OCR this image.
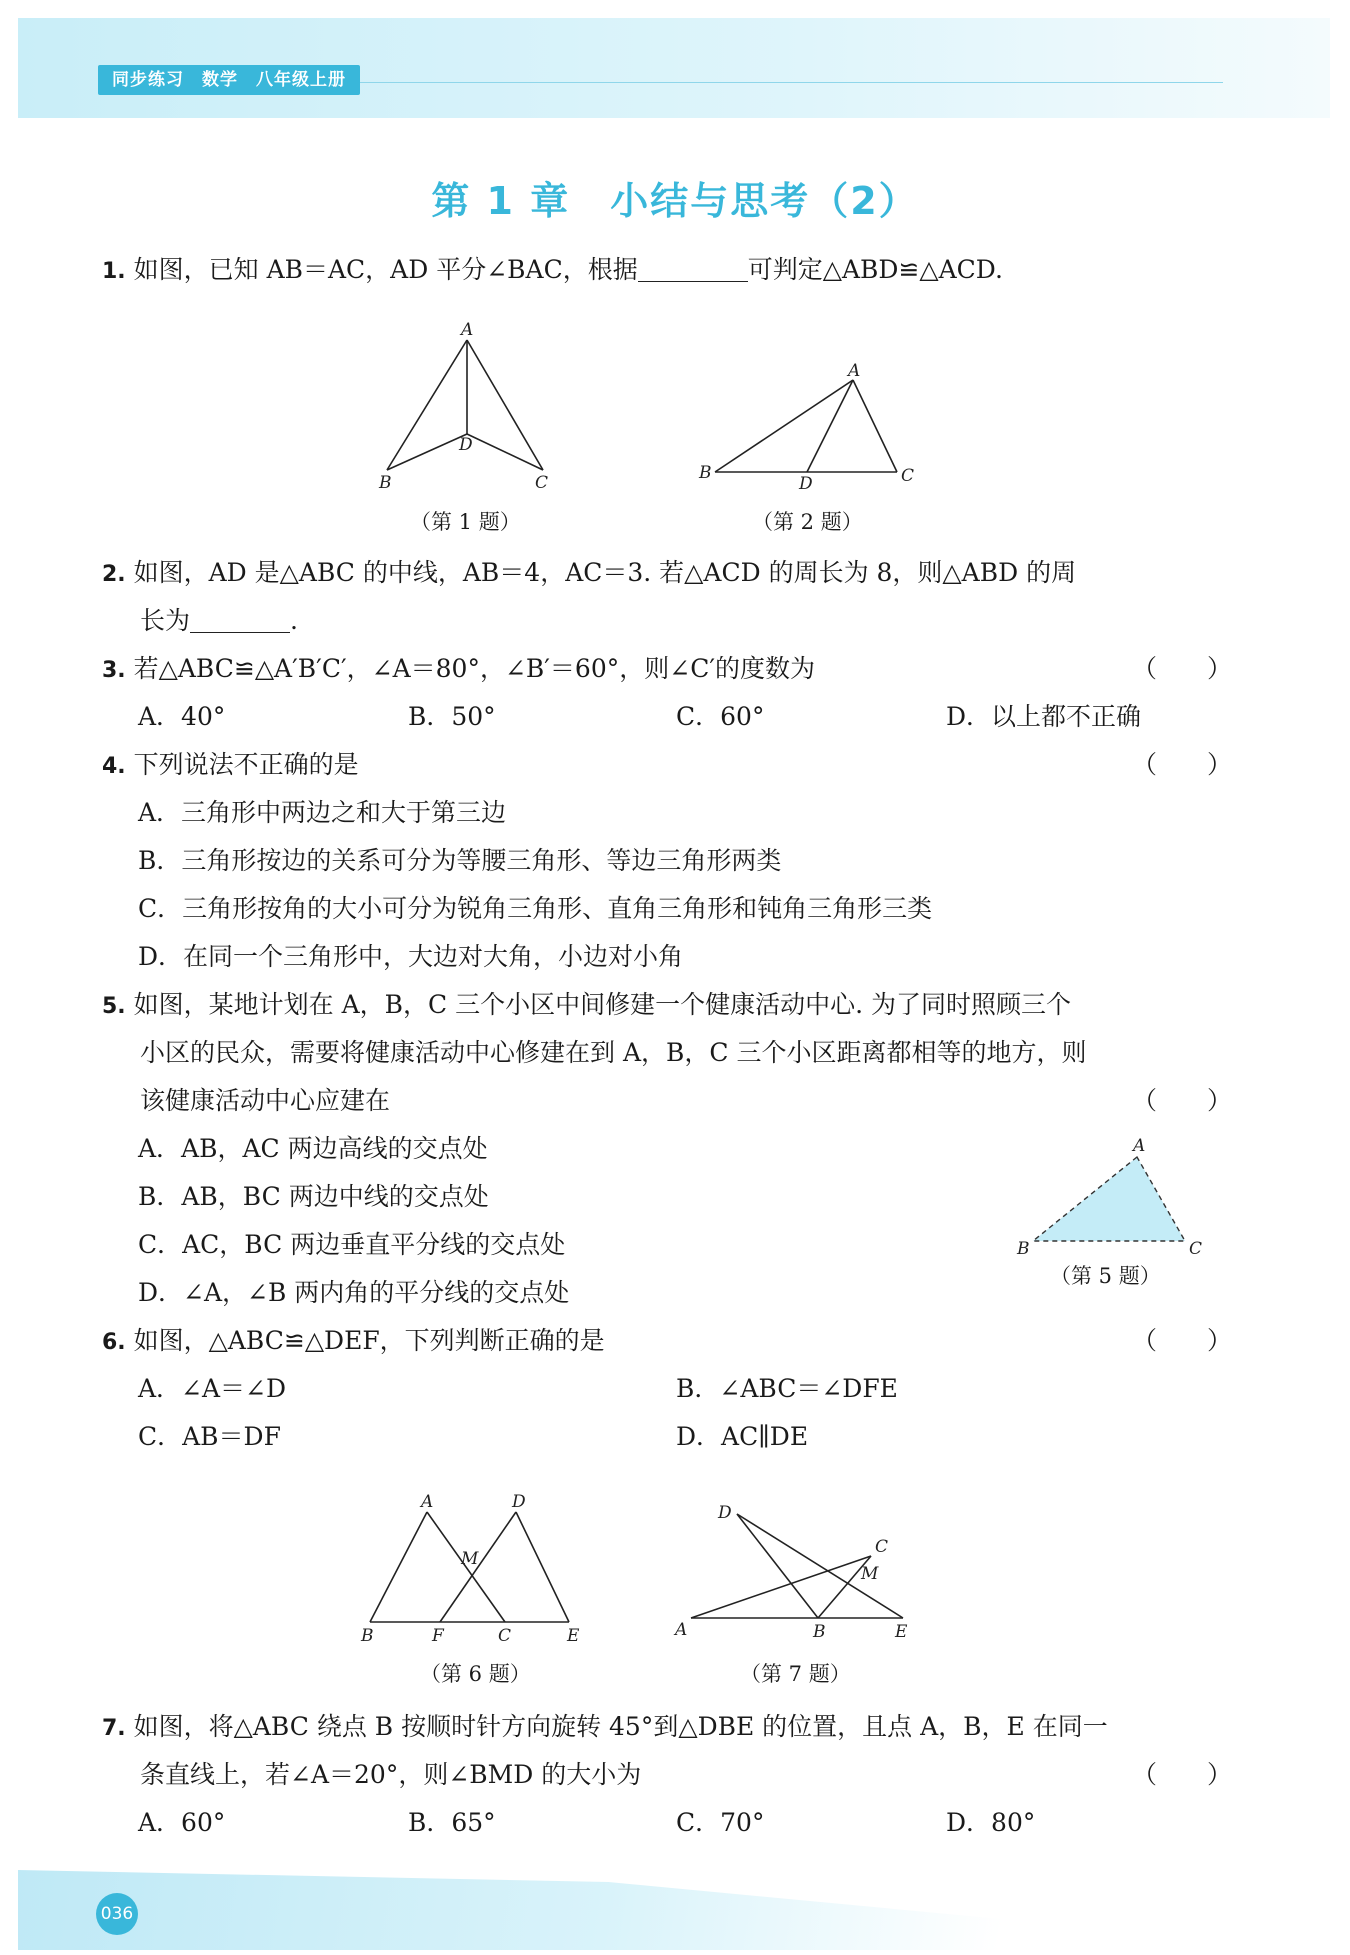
同步练习　数学　八年级上册
第 1 章　小结与思考（2）
1. 如图，已知 AB＝AC，AD 平分∠BAC，根据	可判定△ABD≌△ACD.
A
B	C
D
（第 1 题）
A
B	C
D
（第 2 题）
2. 如图，AD 是△ABC 的中线，AB＝4，AC＝3. 若△ACD 的周长为 8，则△ABD 的周
长为	.
3. 若△ABC≌△A′B′C′，∠A＝80°，∠B′＝60°，则∠C′的度数为	（　　）
A．40°	B．50°	C．60°	D．以上都不正确
4. 下列说法不正确的是	（　　）
A．三角形中两边之和大于第三边
B．三角形按边的关系可分为等腰三角形、等边三角形两类
C．三角形按角的大小可分为锐角三角形、直角三角形和钝角三角形三类
D．在同一个三角形中，大边对大角，小边对小角
5. 如图，某地计划在 A，B，C 三个小区中间修建一个健康活动中心. 为了同时照顾三个
小区的民众，需要将健康活动中心修建在到 A，B，C 三个小区距离都相等的地方，则
该健康活动中心应建在	（　　）
A．AB，AC 两边高线的交点处
B．AB，BC 两边中线的交点处
C．AC，BC 两边垂直平分线的交点处
D．∠A，∠B 两内角的平分线的交点处
A
B	C
（第 5 题）
6. 如图，△ABC≌△DEF，下列判断正确的是	（　　）
A．∠A＝∠D	B．∠ABC＝∠DFE
C．AB＝DF	D．AC∥DE
A	D
M
B	F	C	E
（第 6 题）
D
C
M
A	B	E
（第 7 题）
7. 如图，将△ABC 绕点 B 按顺时针方向旋转 45°到△DBE 的位置，且点 A，B，E 在同一
条直线上，若∠A＝20°，则∠BMD 的大小为	（　　）
A．60°	B．65°	C．70°	D．80°
036
